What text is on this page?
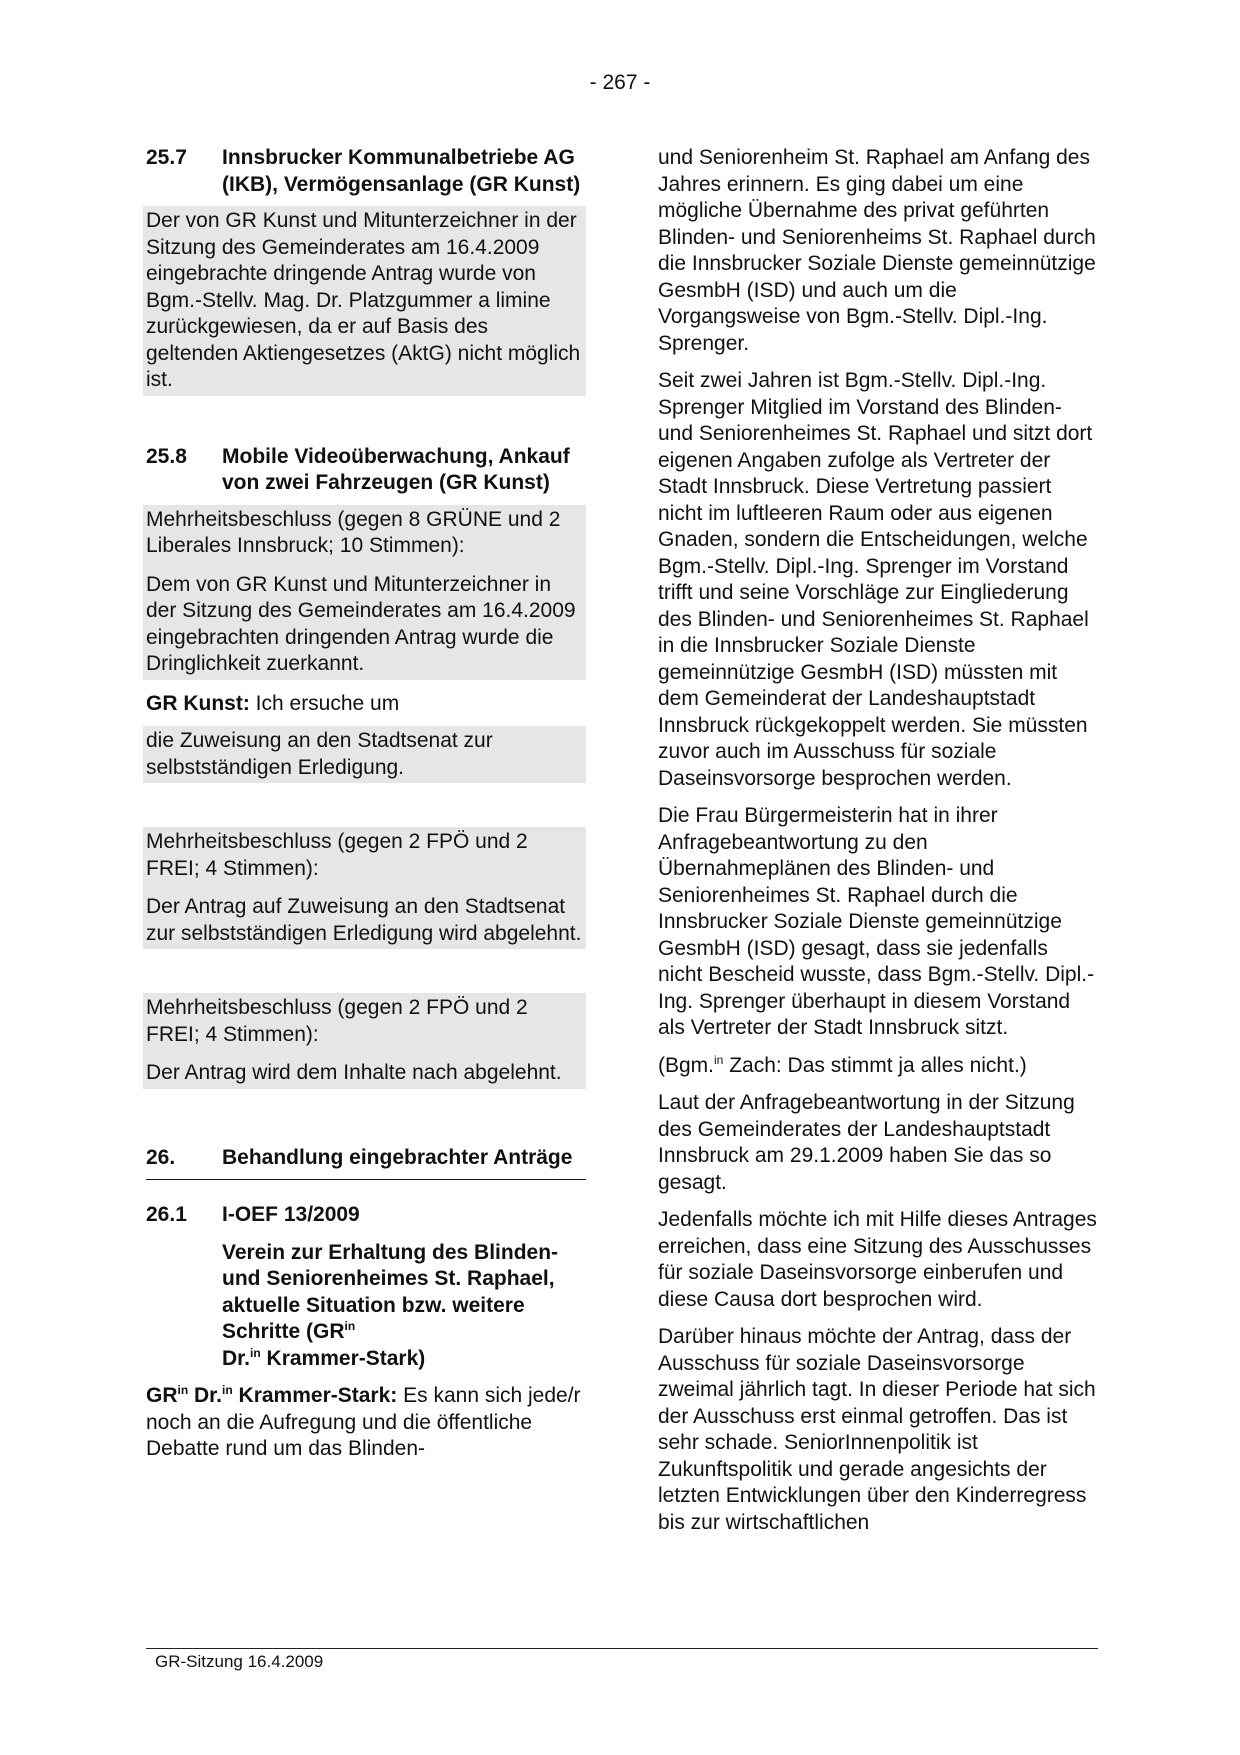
- 267 -
25.7	Innsbrucker Kommunalbetriebe AG (IKB), Vermögensanlage (GR Kunst)

Der von GR Kunst und Mitunterzeichner in der Sitzung des Gemeinderates am 16.4.2009 eingebrachte dringende Antrag wurde von Bgm.-Stellv. Mag. Dr. Platzgummer a limine zurückgewiesen, da er auf Basis des geltenden Aktiengesetzes (AktG) nicht möglich ist.

25.8	Mobile Videoüberwachung, Ankauf von zwei Fahrzeugen (GR Kunst)

Mehrheitsbeschluss (gegen 8 GRÜNE und 2 Liberales Innsbruck; 10 Stimmen):

Dem von GR Kunst und Mitunterzeichner in der Sitzung des Gemeinderates am 16.4.2009 eingebrachten dringenden Antrag wurde die Dringlichkeit zuerkannt.

GR Kunst: Ich ersuche um

die Zuweisung an den Stadtsenat zur selbstständigen Erledigung.

Mehrheitsbeschluss (gegen 2 FPÖ und 2 FREI; 4 Stimmen):

Der Antrag auf Zuweisung an den Stadtsenat zur selbstständigen Erledigung wird abgelehnt.

Mehrheitsbeschluss (gegen 2 FPÖ und 2 FREI; 4 Stimmen):

Der Antrag wird dem Inhalte nach abgelehnt.

26.	Behandlung eingebrachter Anträge
26.1	I-OEF 13/2009

Verein zur Erhaltung des Blinden- und Seniorenheimes St. Raphael, aktuelle Situation bzw. weitere Schritte ($GR^{in}$
Dr.$^{in}$ Krammer-Stark)

$GR^{in}$ Dr.$^{in}$ Krammer-Stark: Es kann sich jede/r noch an die Aufregung und die öffentliche Debatte rund um das Blinden-

und Seniorenheim St. Raphael am Anfang des Jahres erinnern. Es ging dabei um eine mögliche Übernahme des privat geführten Blinden- und Seniorenheims St. Raphael durch die Innsbrucker Soziale Dienste gemeinnützige GesmbH (ISD) und auch um die Vorgangsweise von Bgm.-Stellv. Dipl.-Ing. Sprenger.

Seit zwei Jahren ist Bgm.-Stellv. Dipl.-Ing. Sprenger Mitglied im Vorstand des Blinden- und Seniorenheimes St. Raphael und sitzt dort eigenen Angaben zufolge als Vertreter der Stadt Innsbruck. Diese Vertretung passiert nicht im luftleeren Raum oder aus eigenen Gnaden, sondern die Entscheidungen, welche Bgm.-Stellv. Dipl.-Ing. Sprenger im Vorstand trifft und seine Vorschläge zur Eingliederung des Blinden- und Seniorenheimes St. Raphael in die Innsbrucker Soziale Dienste gemeinnützige GesmbH (ISD) müssten mit dem Gemeinderat der Landeshauptstadt Innsbruck rückgekoppelt werden. Sie müssten zuvor auch im Ausschuss für soziale Daseinsvorsorge besprochen werden.

Die Frau Bürgermeisterin hat in ihrer Anfragebeantwortung zu den Übernahmeplänen des Blinden- und Seniorenheimes St. Raphael durch die Innsbrucker Soziale Dienste gemeinnützige GesmbH (ISD) gesagt, dass sie jedenfalls nicht Bescheid wusste, dass Bgm.-Stellv. Dipl.-Ing. Sprenger überhaupt in diesem Vorstand als Vertreter der Stadt Innsbruck sitzt.

(Bgm.$^{in}$ Zach: Das stimmt ja alles nicht.)

Laut der Anfragebeantwortung in der Sitzung des Gemeinderates der Landeshauptstadt Innsbruck am 29.1.2009 haben Sie das so gesagt.

Jedenfalls möchte ich mit Hilfe dieses Antrages erreichen, dass eine Sitzung des Ausschusses für soziale Daseinsvorsorge einberufen und diese Causa dort besprochen wird.

Darüber hinaus möchte der Antrag, dass der Ausschuss für soziale Daseinsvorsorge zweimal jährlich tagt. In dieser Periode hat sich der Ausschuss erst einmal getroffen. Das ist sehr schade. SeniorInnenpolitik ist Zukunftspolitik und gerade angesichts der letzten Entwicklungen über den Kinderregress bis zur wirtschaftlichen

GR-Sitzung 16.4.2009
